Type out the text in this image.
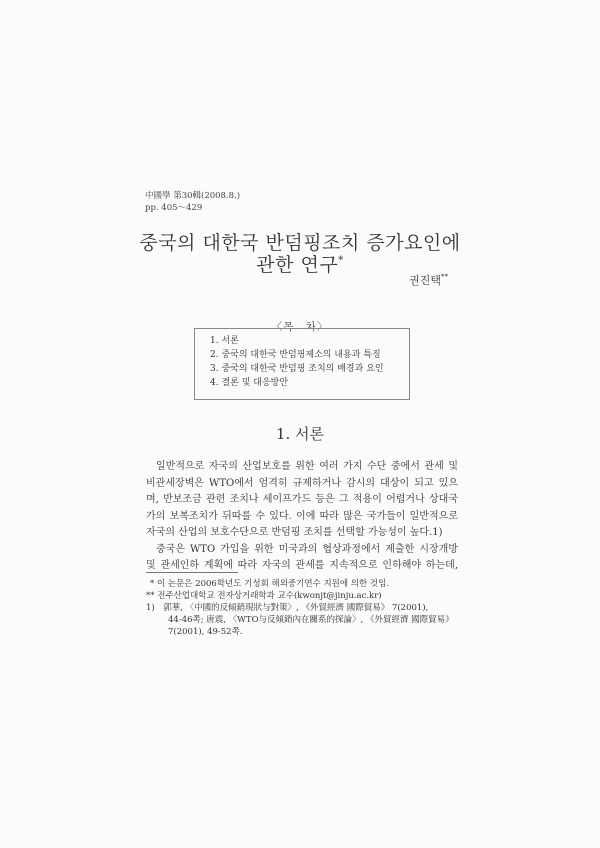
中國學 第30輯(2008.8.)
pp. 405～429
중국의 대한국 반덤핑조치 증가요인에
관한 연구*
권진택**
〈목　차〉
1. 서론
2. 중국의 대한국 반덤핑제소의 내용과 특징
3. 중국의 대한국 반덤핑 조치의 배경과 요인
4. 결론 및 대응방안
1. 서론
일반적으로 자국의 산업보호를 위한 여러 가지 수단 중에서 관세 및
비관세장벽은 WTO에서 엄격히 규제하거나 감시의 대상이 되고 있으
며, 반보조금 관련 조치나 세이프가드 등은 그 적용이 어렵거나 상대국
가의 보복조치가 뒤따를 수 있다. 이에 따라 많은 국가들이 일반적으로
자국의 산업의 보호수단으로 반덤핑 조치를 선택할 가능성이 높다.1)
중국은 WTO 가입을 위한 미국과의 협상과정에서 제출한 시장개방
및 관세인하 계획에 따라 자국의 관세를 지속적으로 인하해야 하는데,
* 이 논문은 2006학년도 기성회 해외중기연수 지원에 의한 것임.
** 전주산업대학교 전자상거래학과 교수(kwonjt@jinju.ac.kr)
1)　郭華, 〈中國的反傾銷現狀与對策〉, 《外貿經濟 國際貿易》 7(2001),
44-46쪽; 唐震, 〈WTO与反傾銷內在關系的探論〉, 《外貿經濟 國際貿易》
7(2001), 49-52쪽.
